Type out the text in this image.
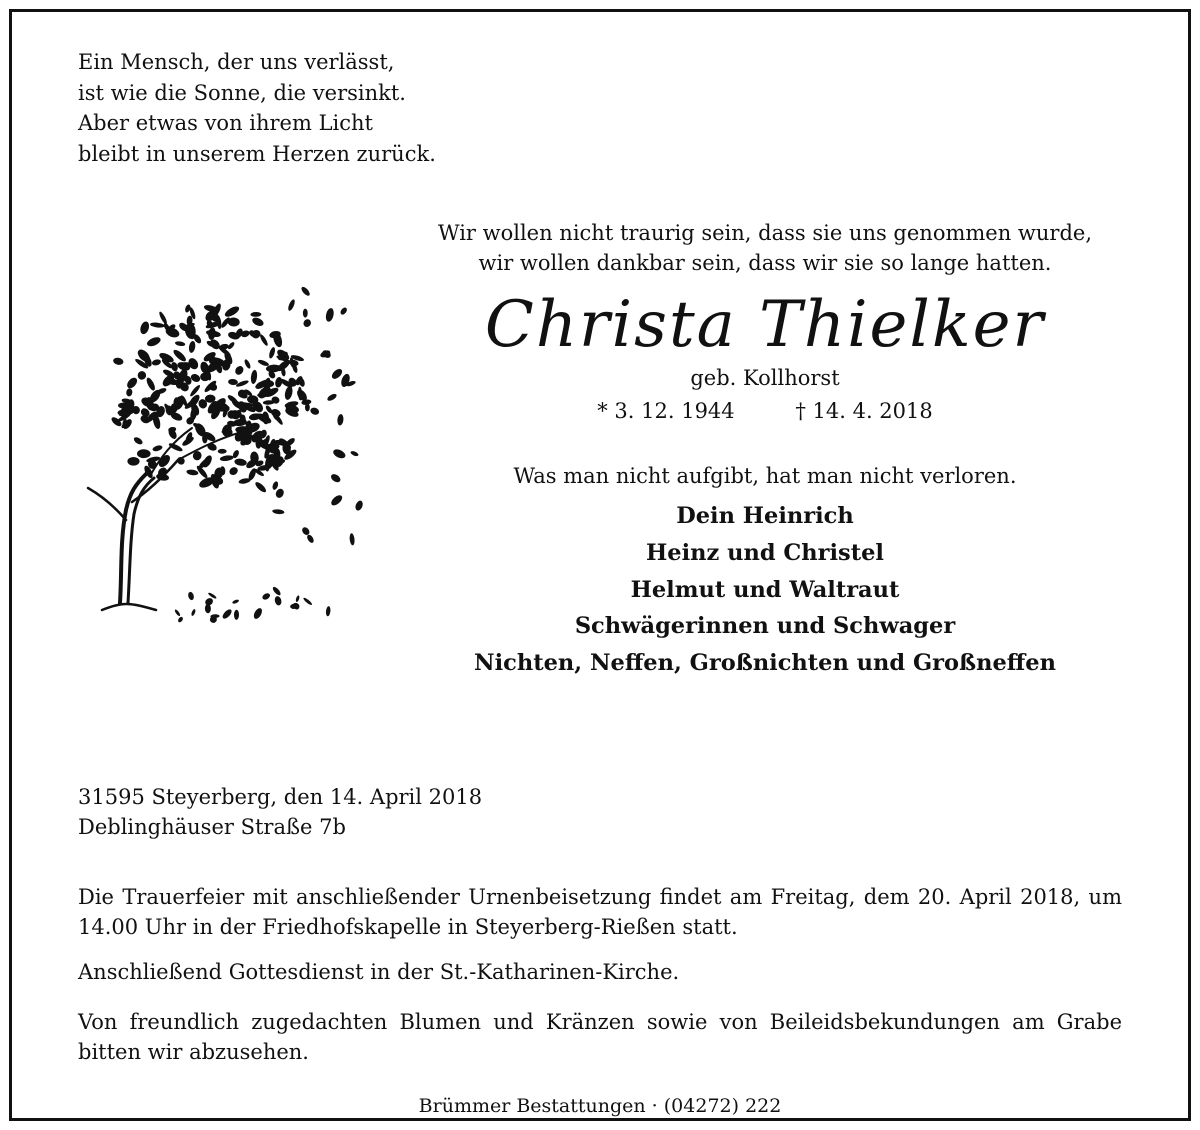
Ein Mensch, der uns verlässt,
ist wie die Sonne, die versinkt.
Aber etwas von ihrem Licht
bleibt in unserem Herzen zurück.
Wir wollen nicht traurig sein, dass sie uns genommen wurde,
wir wollen dankbar sein, dass wir sie so lange hatten.
Christa Thielker
geb. Kollhorst
* 3. 12. 1944	† 14. 4. 2018
Was man nicht aufgibt, hat man nicht verloren.
Dein Heinrich
Heinz und Christel
Helmut und Waltraut
Schwägerinnen und Schwager
Nichten, Neffen, Großnichten und Großneffen
31595 Steyerberg, den 14. April 2018
Deblinghäuser Straße 7b
Die Trauerfeier mit anschließender Urnenbeisetzung findet am Freitag, dem 20. April 2018, um 14.00 Uhr in der Friedhofskapelle in Steyerberg-Rießen statt.
Anschließend Gottesdienst in der St.-Katharinen-Kirche.
Von freundlich zugedachten Blumen und Kränzen sowie von Beileidsbekundungen am Grabe bitten wir abzusehen.
Brümmer Bestattungen · (04272) 222
